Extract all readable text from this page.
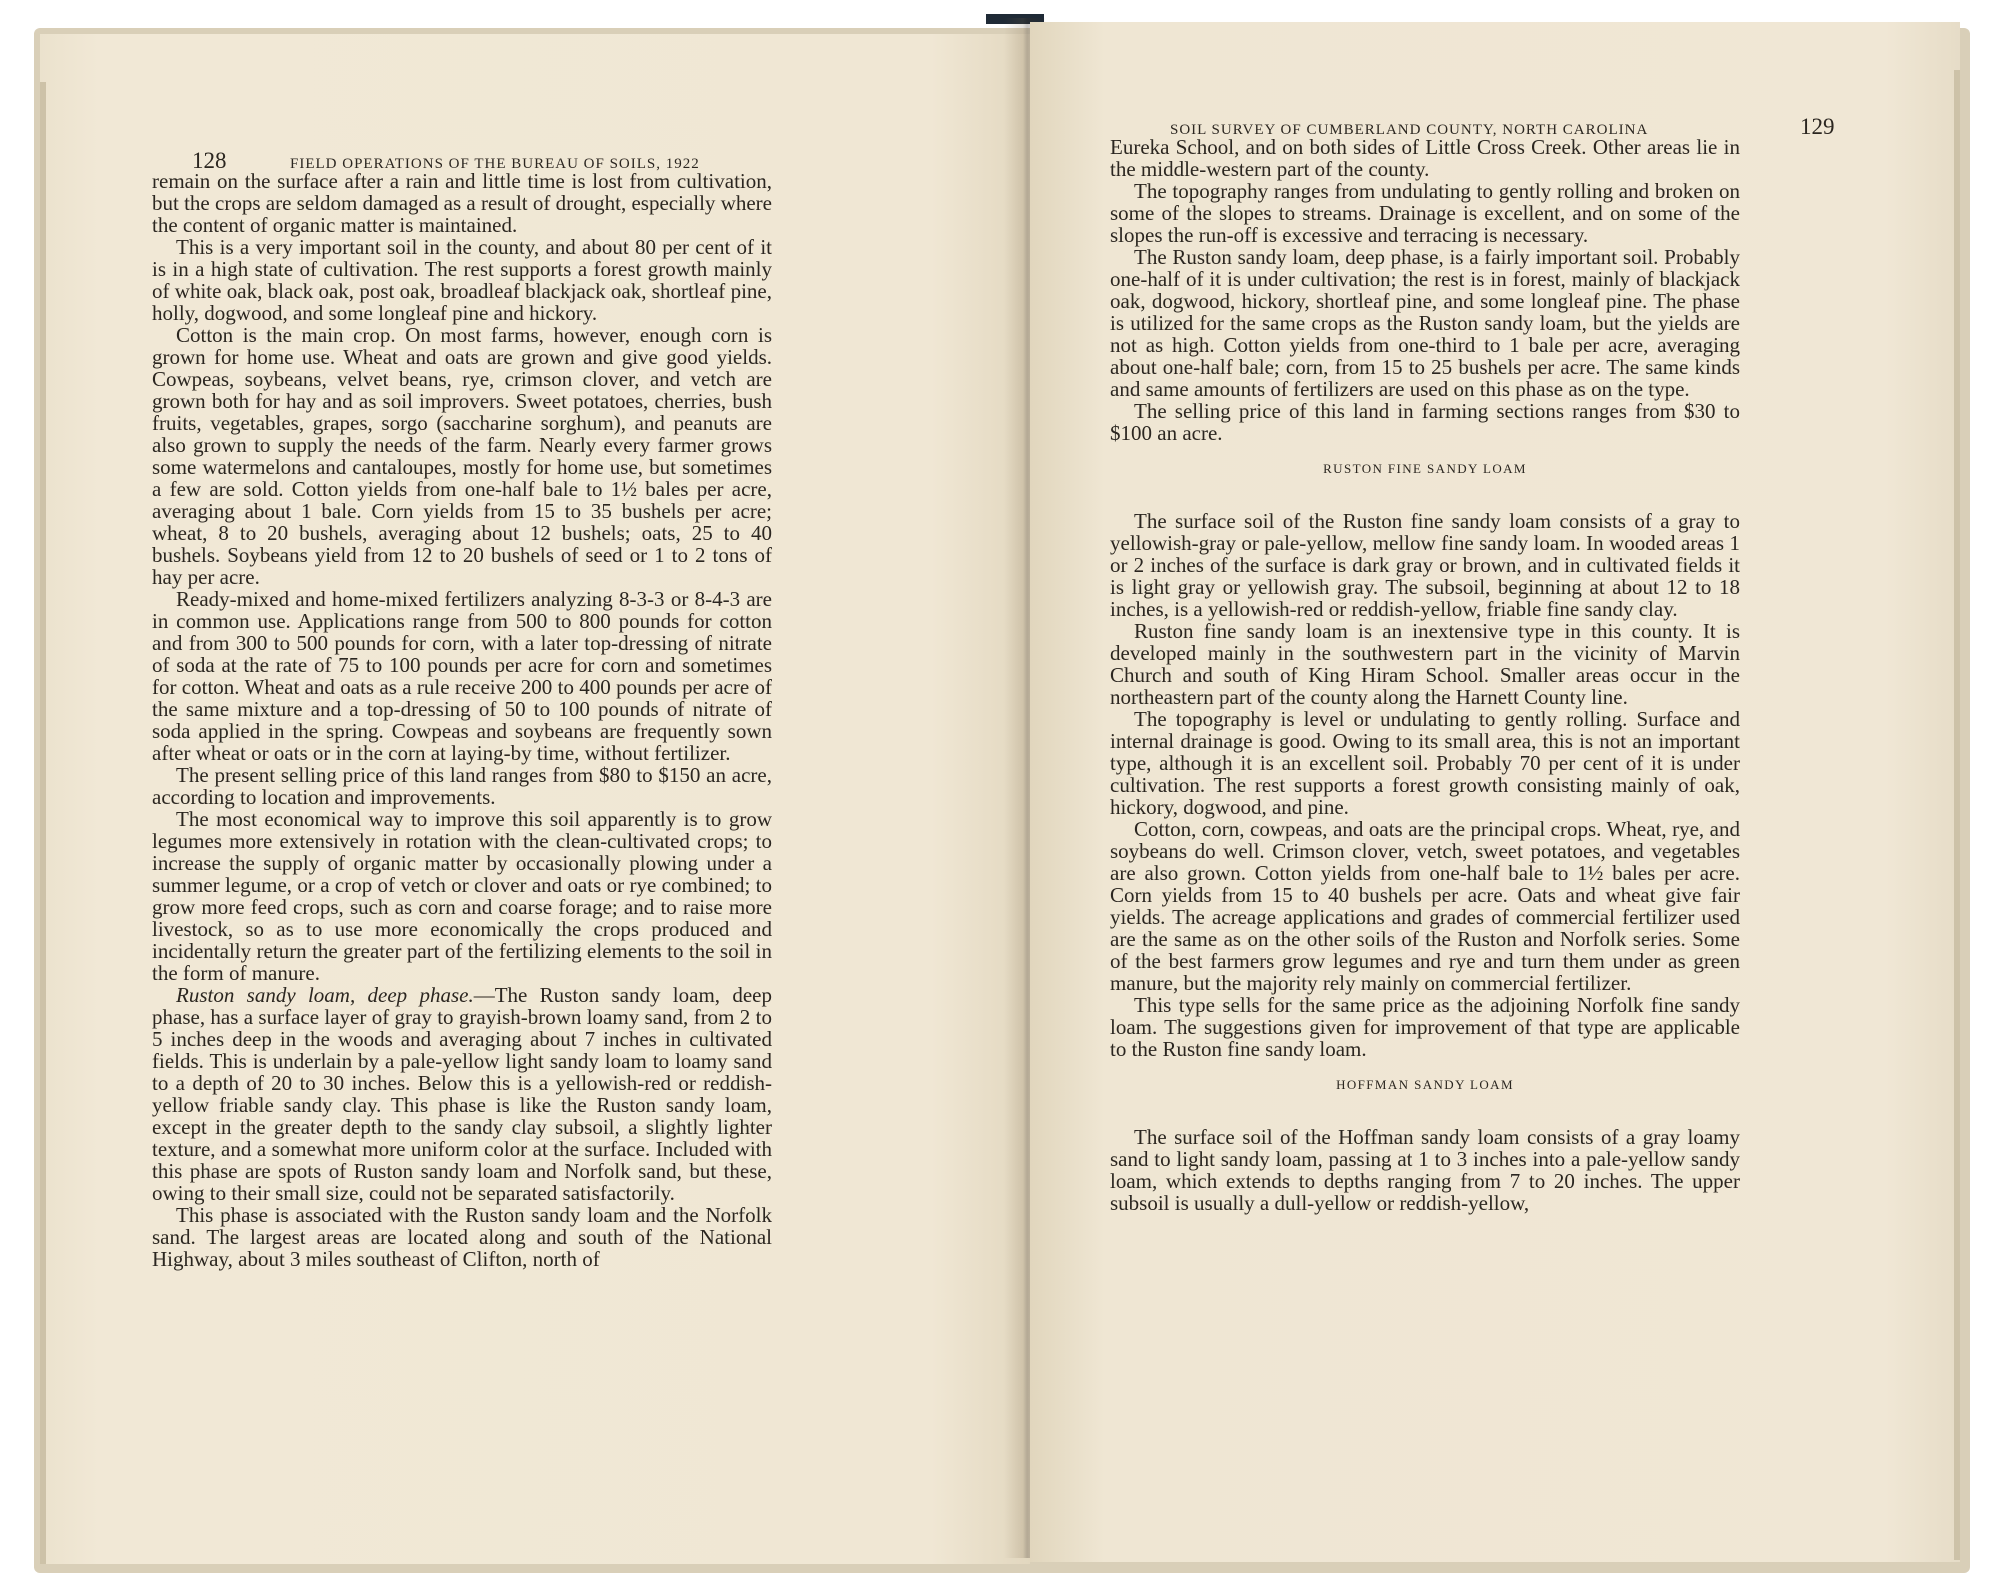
128	FIELD OPERATIONS OF THE BUREAU OF SOILS, 1922

remain on the surface after a rain and little time is lost from cultivation, but the crops are seldom damaged as a result of drought, especially where the content of organic matter is maintained.

This is a very important soil in the county, and about 80 per cent of it is in a high state of cultivation. The rest supports a forest growth mainly of white oak, black oak, post oak, broadleaf blackjack oak, shortleaf pine, holly, dogwood, and some longleaf pine and hickory.

Cotton is the main crop. On most farms, however, enough corn is grown for home use. Wheat and oats are grown and give good yields. Cowpeas, soybeans, velvet beans, rye, crimson clover, and vetch are grown both for hay and as soil improvers. Sweet potatoes, cherries, bush fruits, vegetables, grapes, sorgo (saccharine sorghum), and peanuts are also grown to supply the needs of the farm. Nearly every farmer grows some watermelons and cantaloupes, mostly for home use, but sometimes a few are sold. Cotton yields from one-half bale to 1½ bales per acre, averaging about 1 bale. Corn yields from 15 to 35 bushels per acre; wheat, 8 to 20 bushels, averaging about 12 bushels; oats, 25 to 40 bushels. Soybeans yield from 12 to 20 bushels of seed or 1 to 2 tons of hay per acre.

Ready-mixed and home-mixed fertilizers analyzing 8-3-3 or 8-4-3 are in common use. Applications range from 500 to 800 pounds for cotton and from 300 to 500 pounds for corn, with a later top-dressing of nitrate of soda at the rate of 75 to 100 pounds per acre for corn and sometimes for cotton. Wheat and oats as a rule receive 200 to 400 pounds per acre of the same mixture and a top-dressing of 50 to 100 pounds of nitrate of soda applied in the spring. Cowpeas and soybeans are frequently sown after wheat or oats or in the corn at laying-by time, without fertilizer.

The present selling price of this land ranges from $80 to $150 an acre, according to location and improvements.

The most economical way to improve this soil apparently is to grow legumes more extensively in rotation with the clean-cultivated crops; to increase the supply of organic matter by occasionally plowing under a summer legume, or a crop of vetch or clover and oats or rye combined; to grow more feed crops, such as corn and coarse forage; and to raise more livestock, so as to use more economically the crops produced and incidentally return the greater part of the fertilizing elements to the soil in the form of manure.

Ruston sandy loam, deep phase.—The Ruston sandy loam, deep phase, has a surface layer of gray to grayish-brown loamy sand, from 2 to 5 inches deep in the woods and averaging about 7 inches in cultivated fields. This is underlain by a pale-yellow light sandy loam to loamy sand to a depth of 20 to 30 inches. Below this is a yellowish-red or reddish-yellow friable sandy clay. This phase is like the Ruston sandy loam, except in the greater depth to the sandy clay subsoil, a slightly lighter texture, and a somewhat more uniform color at the surface. Included with this phase are spots of Ruston sandy loam and Norfolk sand, but these, owing to their small size, could not be separated satisfactorily.

This phase is associated with the Ruston sandy loam and the Norfolk sand. The largest areas are located along and south of the National Highway, about 3 miles southeast of Clifton, north of

SOIL SURVEY OF CUMBERLAND COUNTY, NORTH CAROLINA	129

Eureka School, and on both sides of Little Cross Creek. Other areas lie in the middle-western part of the county.

The topography ranges from undulating to gently rolling and broken on some of the slopes to streams. Drainage is excellent, and on some of the slopes the run-off is excessive and terracing is necessary.

The Ruston sandy loam, deep phase, is a fairly important soil. Probably one-half of it is under cultivation; the rest is in forest, mainly of blackjack oak, dogwood, hickory, shortleaf pine, and some longleaf pine. The phase is utilized for the same crops as the Ruston sandy loam, but the yields are not as high. Cotton yields from one-third to 1 bale per acre, averaging about one-half bale; corn, from 15 to 25 bushels per acre. The same kinds and same amounts of fertilizers are used on this phase as on the type.

The selling price of this land in farming sections ranges from $30 to $100 an acre.

RUSTON FINE SANDY LOAM

The surface soil of the Ruston fine sandy loam consists of a gray to yellowish-gray or pale-yellow, mellow fine sandy loam. In wooded areas 1 or 2 inches of the surface is dark gray or brown, and in cultivated fields it is light gray or yellowish gray. The subsoil, beginning at about 12 to 18 inches, is a yellowish-red or reddish-yellow, friable fine sandy clay.

Ruston fine sandy loam is an inextensive type in this county. It is developed mainly in the southwestern part in the vicinity of Marvin Church and south of King Hiram School. Smaller areas occur in the northeastern part of the county along the Harnett County line.

The topography is level or undulating to gently rolling. Surface and internal drainage is good. Owing to its small area, this is not an important type, although it is an excellent soil. Probably 70 per cent of it is under cultivation. The rest supports a forest growth consisting mainly of oak, hickory, dogwood, and pine.

Cotton, corn, cowpeas, and oats are the principal crops. Wheat, rye, and soybeans do well. Crimson clover, vetch, sweet potatoes, and vegetables are also grown. Cotton yields from one-half bale to 1½ bales per acre. Corn yields from 15 to 40 bushels per acre. Oats and wheat give fair yields. The acreage applications and grades of commercial fertilizer used are the same as on the other soils of the Ruston and Norfolk series. Some of the best farmers grow legumes and rye and turn them under as green manure, but the majority rely mainly on commercial fertilizer.

This type sells for the same price as the adjoining Norfolk fine sandy loam. The suggestions given for improvement of that type are applicable to the Ruston fine sandy loam.

HOFFMAN SANDY LOAM

The surface soil of the Hoffman sandy loam consists of a gray loamy sand to light sandy loam, passing at 1 to 3 inches into a pale-yellow sandy loam, which extends to depths ranging from 7 to 20 inches. The upper subsoil is usually a dull-yellow or reddish-yellow,
